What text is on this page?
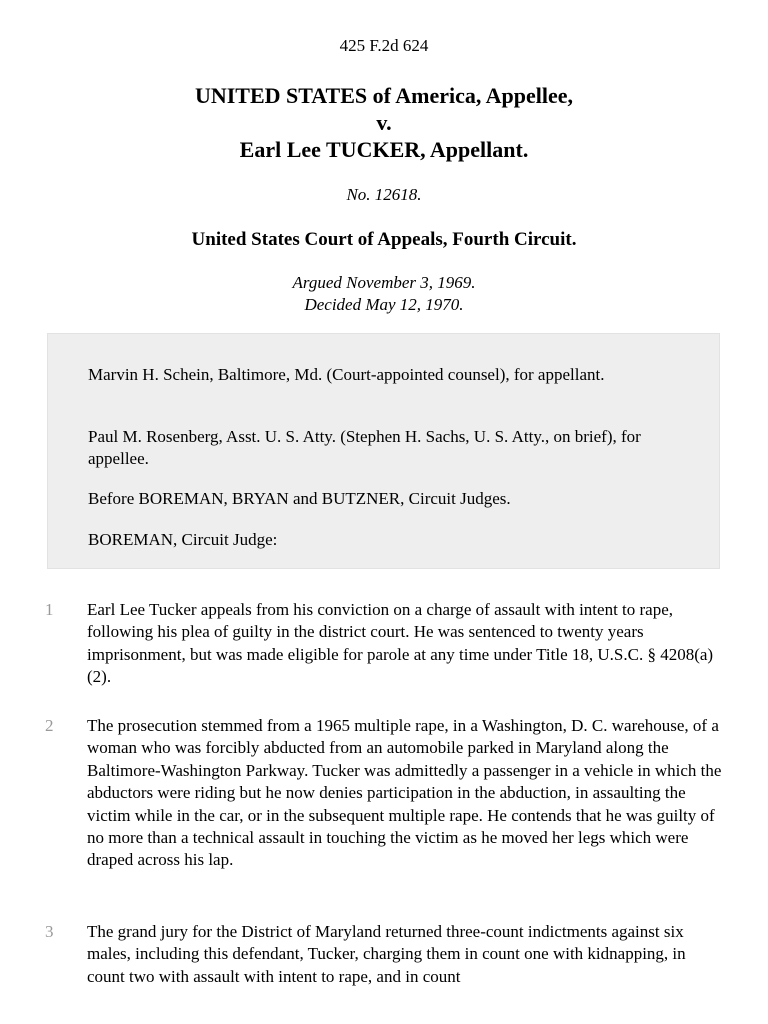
425 F.2d 624
UNITED STATES of America, Appellee,
v.
Earl Lee TUCKER, Appellant.
No. 12618.
United States Court of Appeals, Fourth Circuit.
Argued November 3, 1969.
Decided May 12, 1970.

Marvin H. Schein, Baltimore, Md. (Court-appointed counsel), for appellant.

Paul M. Rosenberg, Asst. U. S. Atty. (Stephen H. Sachs, U. S. Atty., on brief), for appellee.

Before BOREMAN, BRYAN and BUTZNER, Circuit Judges.

BOREMAN, Circuit Judge:

1 Earl Lee Tucker appeals from his conviction on a charge of assault with intent to rape, following his plea of guilty in the district court. He was sentenced to twenty years imprisonment, but was made eligible for parole at any time under Title 18, U.S.C. § 4208(a) (2).

2 The prosecution stemmed from a 1965 multiple rape, in a Washington, D. C. warehouse, of a woman who was forcibly abducted from an automobile parked in Maryland along the Baltimore-Washington Parkway. Tucker was admittedly a passenger in a vehicle in which the abductors were riding but he now denies participation in the abduction, in assaulting the victim while in the car, or in the subsequent multiple rape. He contends that he was guilty of no more than a technical assault in touching the victim as he moved her legs which were draped across his lap.

3 The grand jury for the District of Maryland returned three-count indictments against six males, including this defendant, Tucker, charging them in count one with kidnapping, in count two with assault with intent to rape, and in count
